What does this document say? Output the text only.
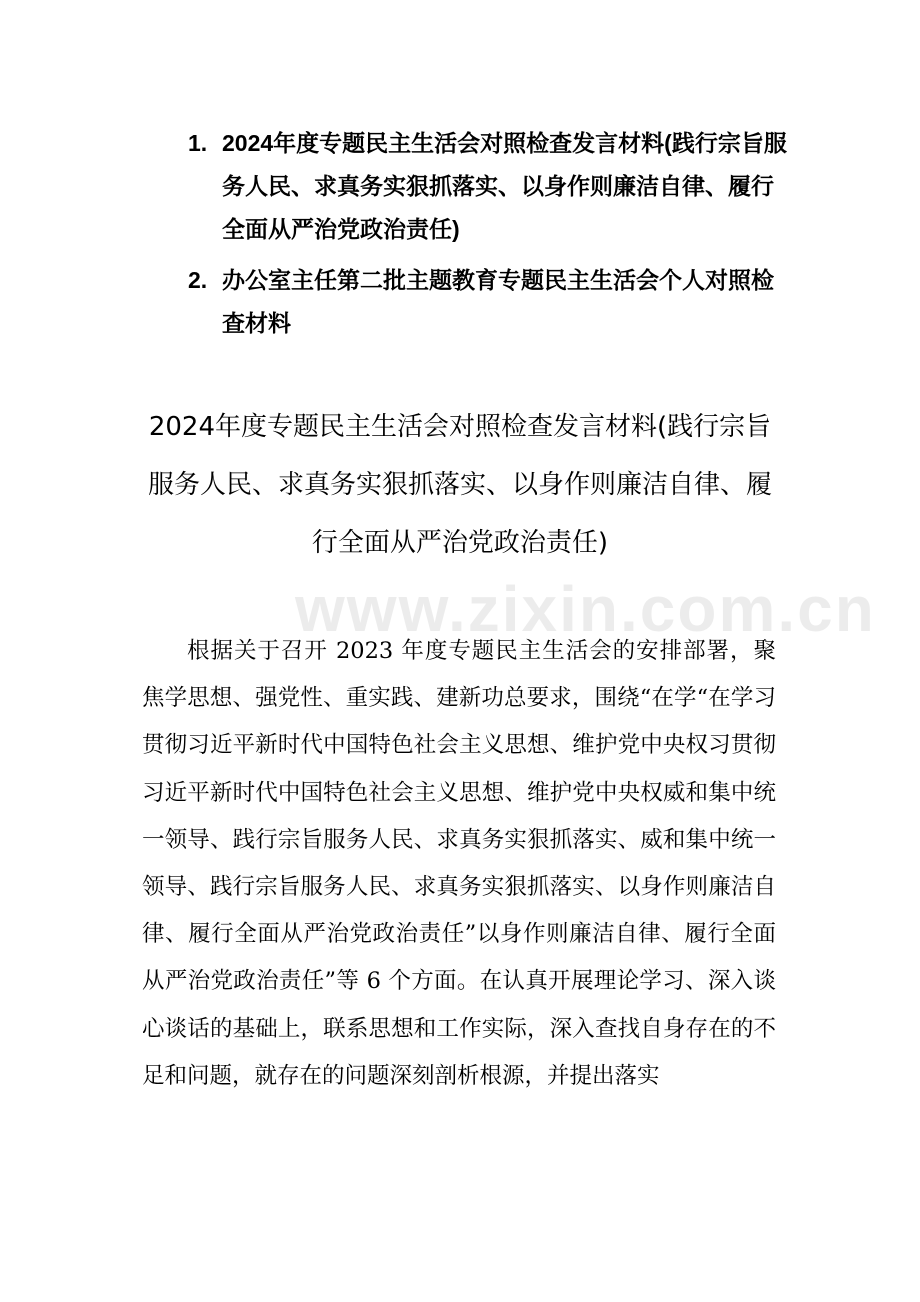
1. 2024年度专题民主生活会对照检查发言材料(践行宗旨服务人民、求真务实狠抓落实、以身作则廉洁自律、履行全面从严治党政治责任)
2. 办公室主任第二批主题教育专题民主生活会个人对照检查材料
2024年度专题民主生活会对照检查发言材料(践行宗旨服务人民、求真务实狠抓落实、以身作则廉洁自律、履行全面从严治党政治责任)
www.zixin.com.cn

根据关于召开 2023 年度专题民主生活会的安排部署，聚焦学思想、强党性、重实践、建新功总要求，围绕“在学“在学习贯彻习近平新时代中国特色社会主义思想、维护党中央权习贯彻习近平新时代中国特色社会主义思想、维护党中央权威和集中统一领导、践行宗旨服务人民、求真务实狠抓落实、威和集中统一领导、践行宗旨服务人民、求真务实狠抓落实、以身作则廉洁自律、履行全面从严治党政治责任”以身作则廉洁自律、履行全面从严治党政治责任”等 6 个方面。在认真开展理论学习、深入谈心谈话的基础上，联系思想和工作实际，深入查找自身存在的不足和问题，就存在的问题深刻剖析根源，并提出落实
